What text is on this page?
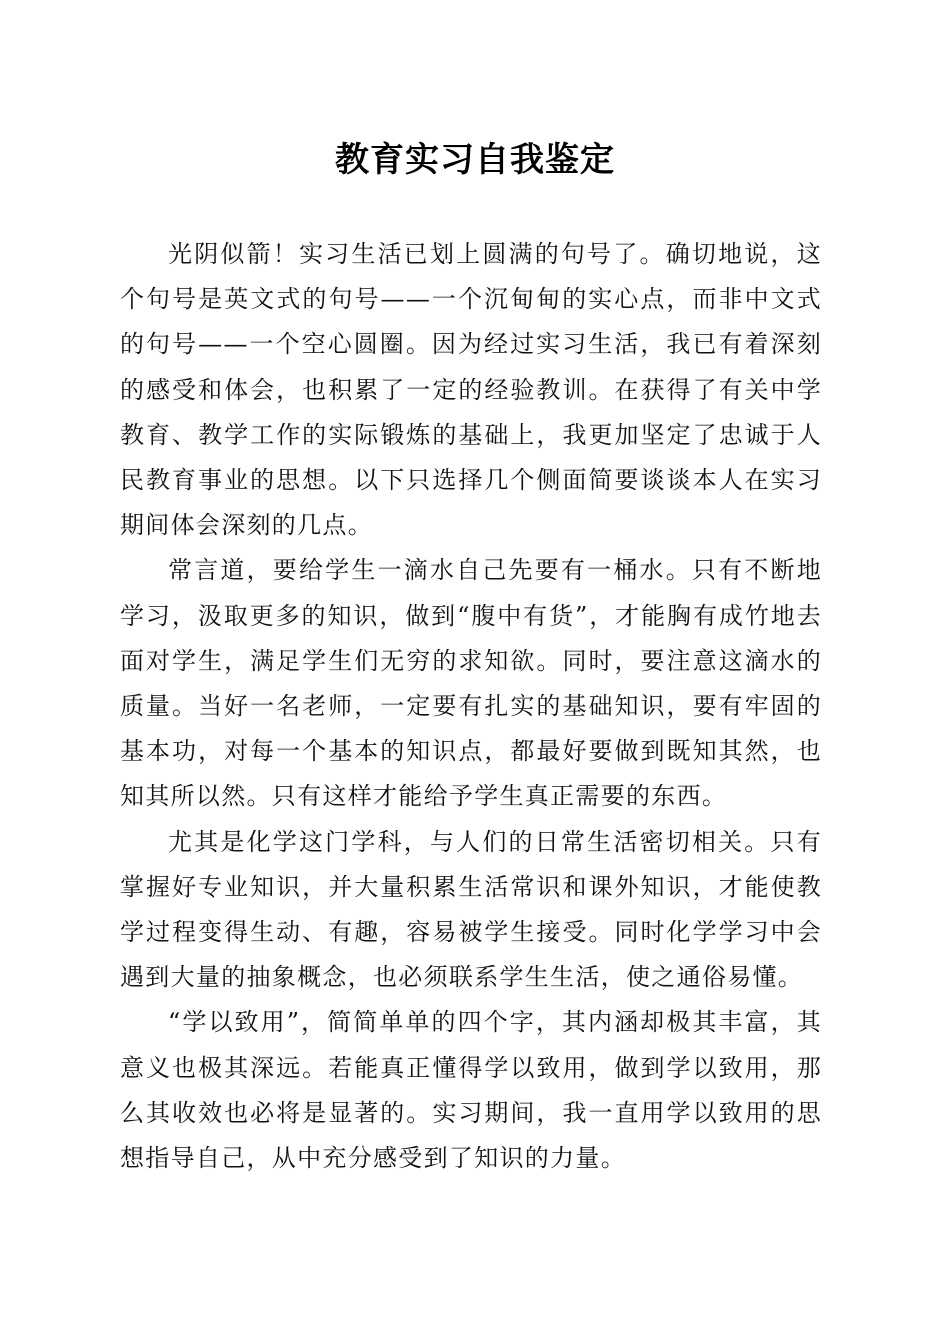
教育实习自我鉴定

光阴似箭！实习生活已划上圆满的句号了。确切地说，这个句号是英文式的句号——一个沉甸甸的实心点，而非中文式的句号——一个空心圆圈。因为经过实习生活，我已有着深刻的感受和体会，也积累了一定的经验教训。在获得了有关中学教育、教学工作的实际锻炼的基础上，我更加坚定了忠诚于人民教育事业的思想。以下只选择几个侧面简要谈谈本人在实习期间体会深刻的几点。

常言道，要给学生一滴水自己先要有一桶水。只有不断地学习，汲取更多的知识，做到“腹中有货”，才能胸有成竹地去面对学生，满足学生们无穷的求知欲。同时，要注意这滴水的质量。当好一名老师，一定要有扎实的基础知识，要有牢固的基本功，对每一个基本的知识点，都最好要做到既知其然，也知其所以然。只有这样才能给予学生真正需要的东西。

尤其是化学这门学科，与人们的日常生活密切相关。只有掌握好专业知识，并大量积累生活常识和课外知识，才能使教学过程变得生动、有趣，容易被学生接受。同时化学学习中会遇到大量的抽象概念，也必须联系学生生活，使之通俗易懂。

“学以致用”，简简单单的四个字，其内涵却极其丰富，其意义也极其深远。若能真正懂得学以致用，做到学以致用，那么其收效也必将是显著的。实习期间，我一直用学以致用的思想指导自己，从中充分感受到了知识的力量。
